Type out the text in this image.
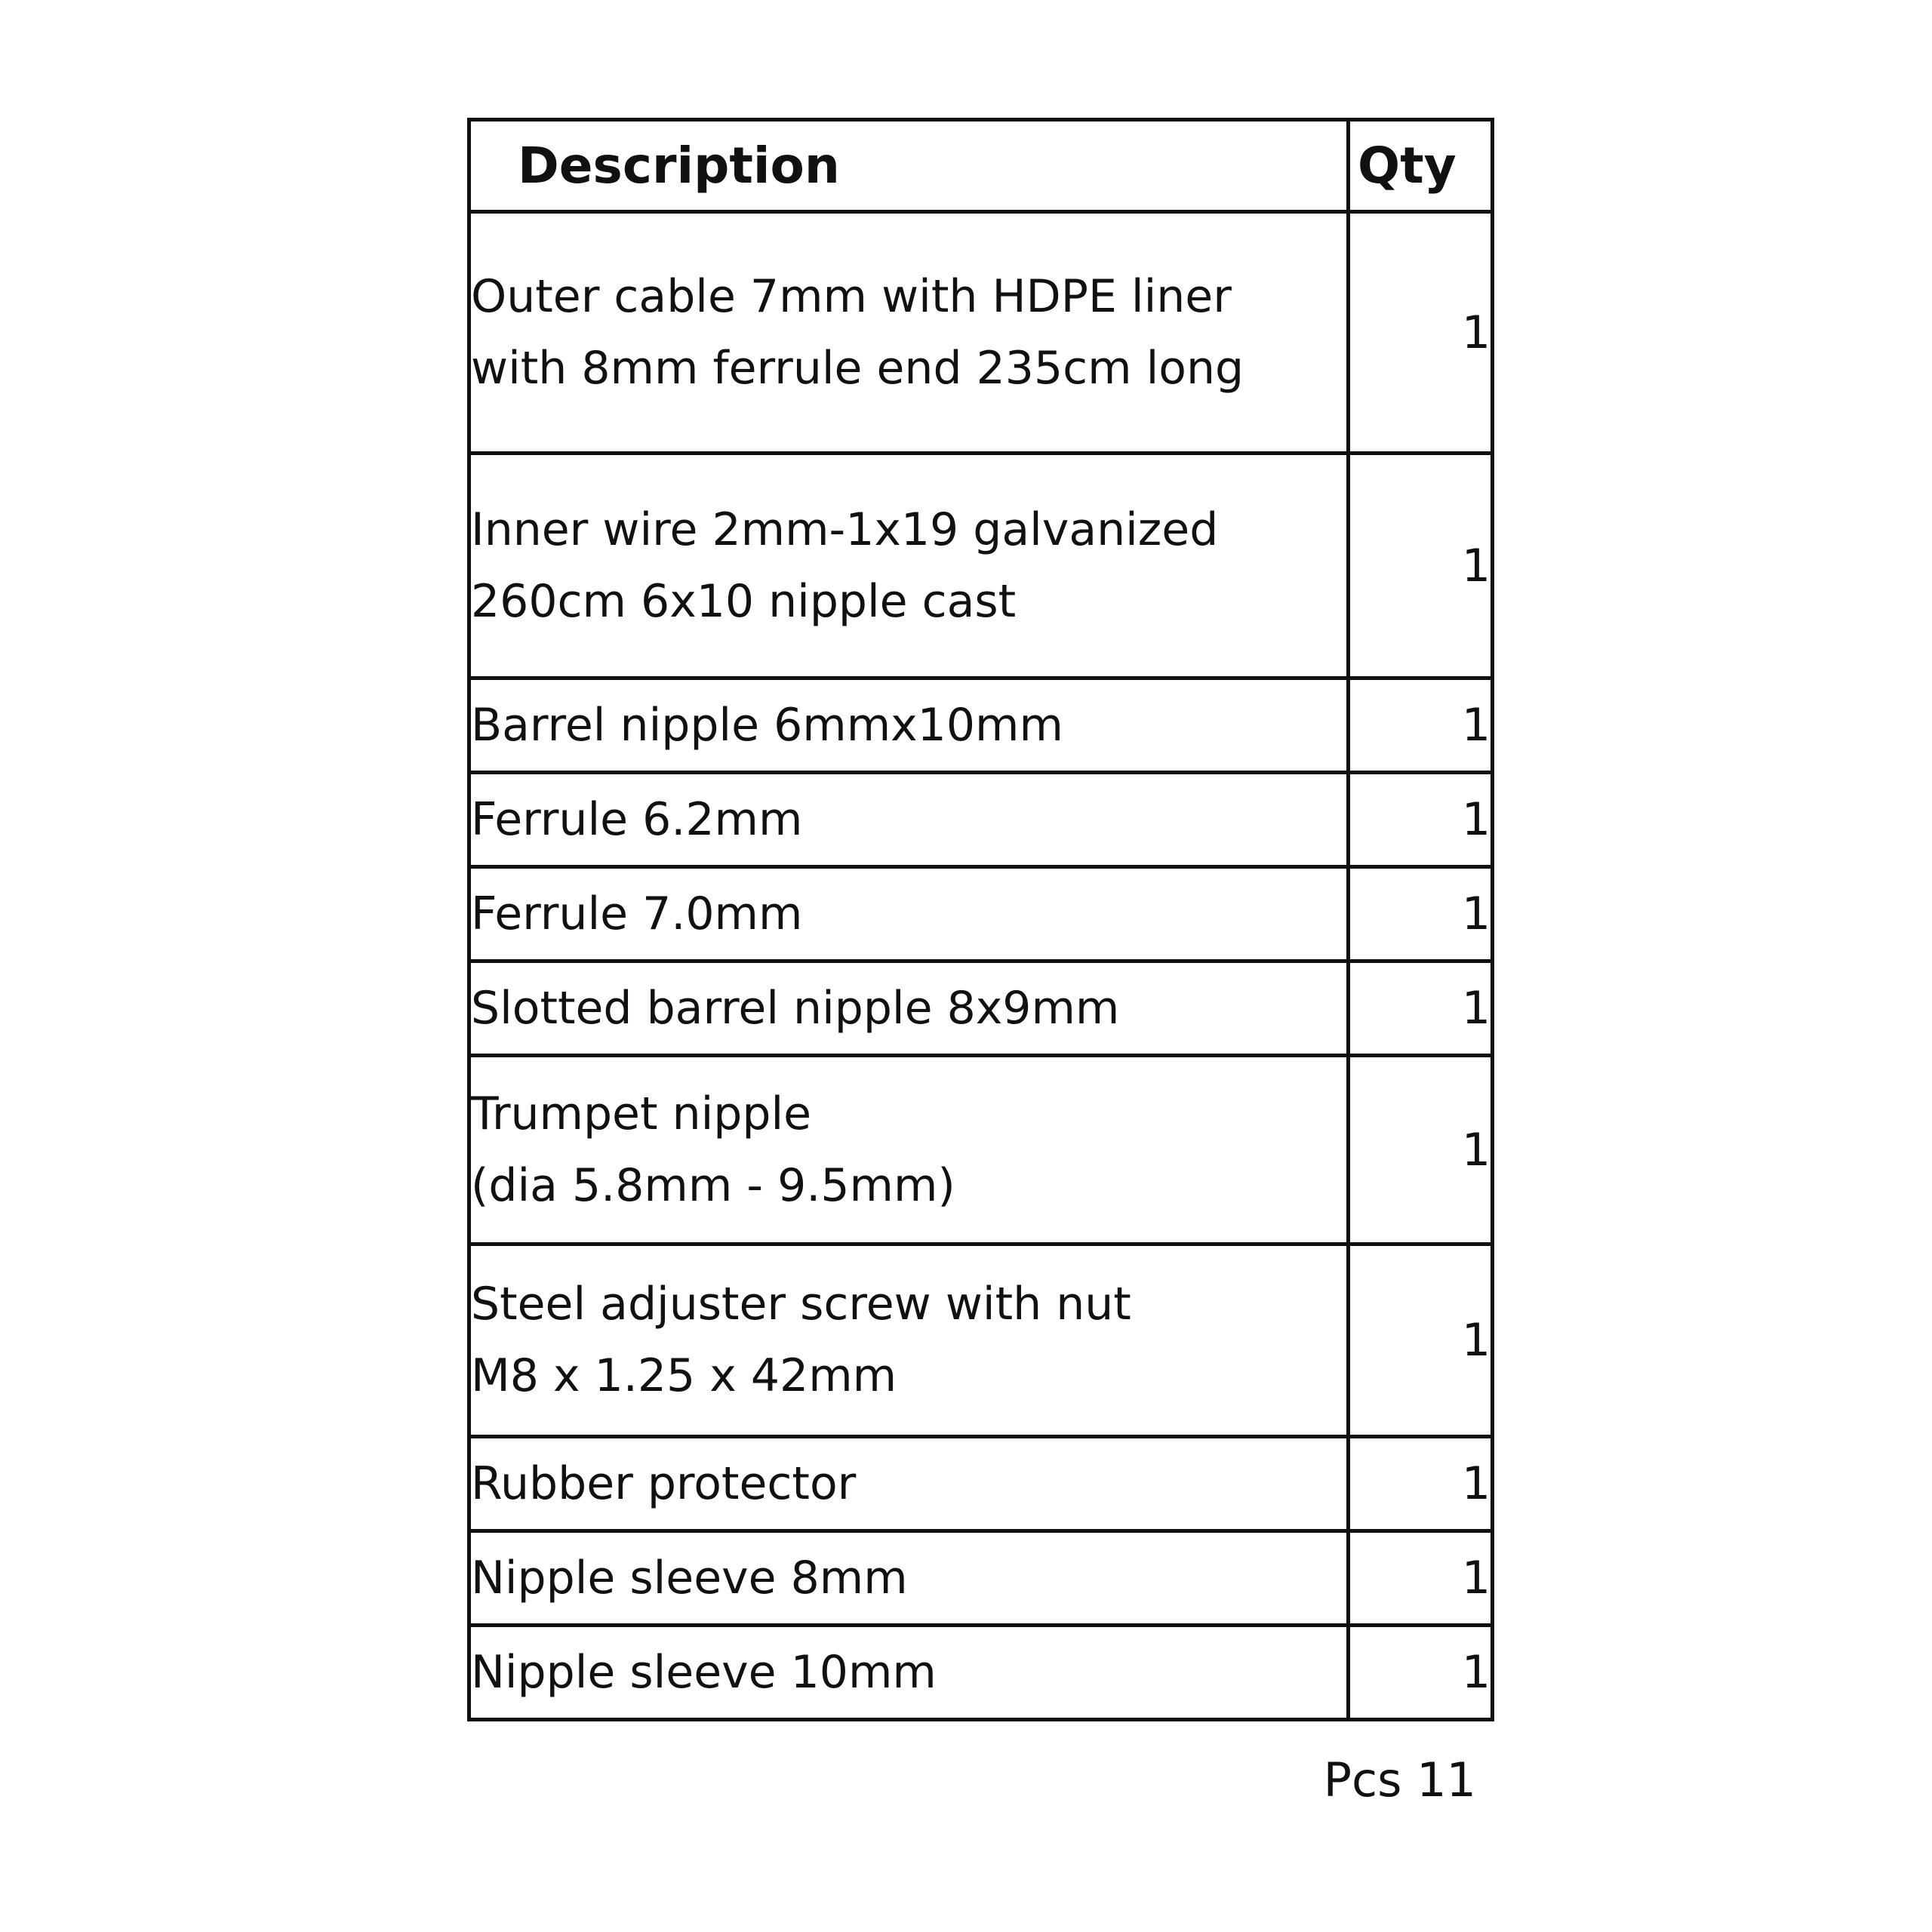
Description	Qty

Outer cable 7mm with HDPE liner
with 8mm ferrule end 235cm long	1

Inner wire 2mm-1x19 galvanized
260cm 6x10 nipple cast	1

Barrel nipple 6mmx10mm	1

Ferrule 6.2mm	1

Ferrule 7.0mm	1

Slotted barrel nipple 8x9mm	1

Trumpet nipple
(dia 5.8mm - 9.5mm)	1

Steel adjuster screw with nut
M8 x 1.25 x 42mm	1

Rubber protector	1

Nipple sleeve 8mm	1

Nipple sleeve 10mm	1
Pcs 11
